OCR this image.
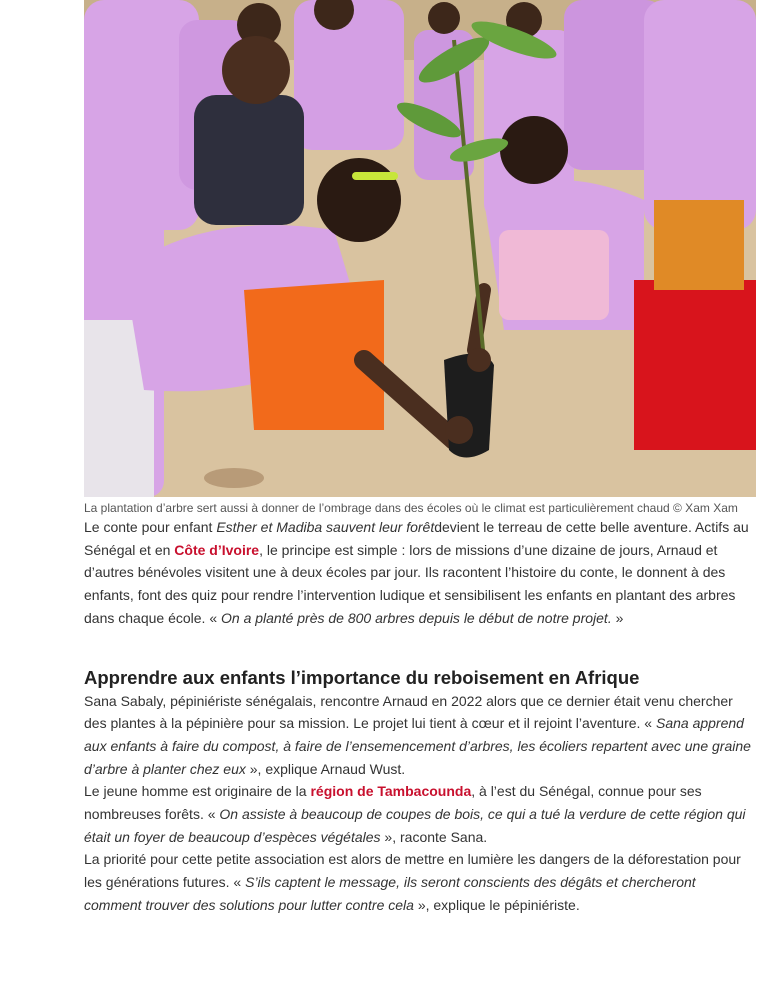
La plantation d’arbre sert aussi à donner de l’ombrage dans des écoles où le climat est particulièrement chaud © Xam Xam

Le conte pour enfant Esther et Madiba sauvent leur forêtdevient le terreau de cette belle aventure. Actifs au Sénégal et en Côte d’Ivoire, le principe est simple : lors de missions d’une dizaine de jours, Arnaud et d’autres bénévoles visitent une à deux écoles par jour. Ils racontent l’histoire du conte, le donnent à des enfants, font des quiz pour rendre l’intervention ludique et sensibilisent les enfants en plantant des arbres dans chaque école. « On a planté près de 800 arbres depuis le début de notre projet. »

Apprendre aux enfants l’importance du reboisement en Afrique

Sana Sabaly, pépiniériste sénégalais, rencontre Arnaud en 2022 alors que ce dernier était venu chercher des plantes à la pépinière pour sa mission. Le projet lui tient à cœur et il rejoint l’aventure. « Sana apprend aux enfants à faire du compost, à faire de l’ensemencement d’arbres, les écoliers repartent avec une graine d’arbre à planter chez eux », explique Arnaud Wust.

Le jeune homme est originaire de la région de Tambacounda, à l’est du Sénégal, connue pour ses nombreuses forêts. « On assiste à beaucoup de coupes de bois, ce qui a tué la verdure de cette région qui était un foyer de beaucoup d’espèces végétales », raconte Sana.

La priorité pour cette petite association est alors de mettre en lumière les dangers de la déforestation pour les générations futures. « S’ils captent le message, ils seront conscients des dégâts et chercheront comment trouver des solutions pour lutter contre cela », explique le pépiniériste.
